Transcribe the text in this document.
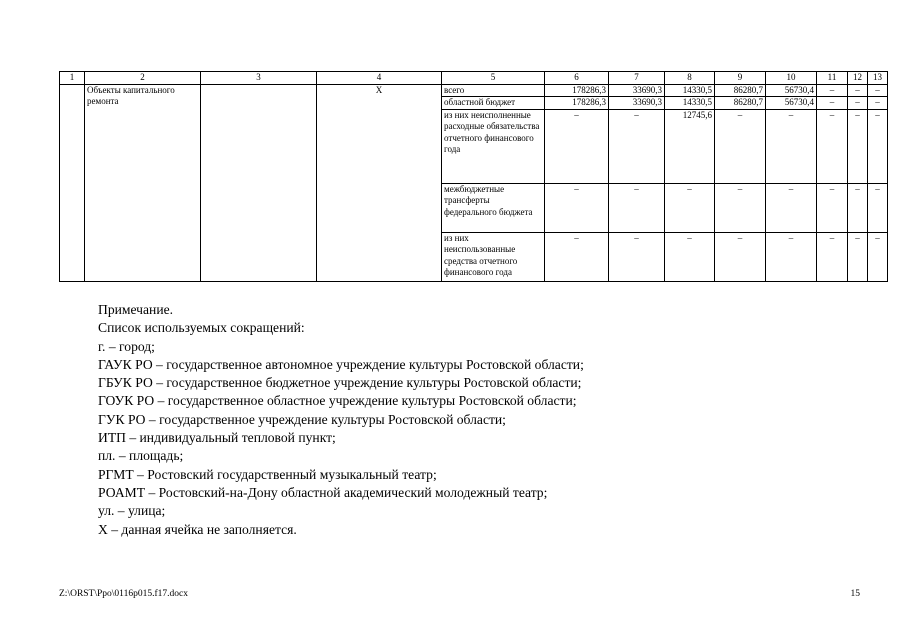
1	2	3	4	5	6	7	8	9	10	11	12	13
	Объекты капитального ремонта		Х	всего	178286,3	33690,3	14330,5	86280,7	56730,4	–	–	–
				областной бюджет	178286,3	33690,3	14330,5	86280,7	56730,4	–	–	–
				из них неисполненные расходные обязательства отчетного финансового года	–	–	12745,6	–	–	–	–	–
				межбюджетные трансферты федерального бюджета	–	–	–	–	–	–	–	–
				из них неиспользованные средства отчетного финансового года	–	–	–	–	–	–	–	–
Примечание.
Список используемых сокращений:
г. – город;
ГАУК РО – государственное автономное учреждение культуры Ростовской области;
ГБУК РО – государственное бюджетное учреждение культуры Ростовской области;
ГОУК РО – государственное областное учреждение культуры Ростовской области;
ГУК РО – государственное учреждение культуры Ростовской области;
ИТП – индивидуальный тепловой пункт;
пл. – площадь;
РГМТ – Ростовский государственный музыкальный театр;
РОАМТ – Ростовский-на-Дону областной академический молодежный театр;
ул. – улица;
Х – данная ячейка не заполняется.
Z:\ORST\Ppo\0116p015.f17.docx	15
